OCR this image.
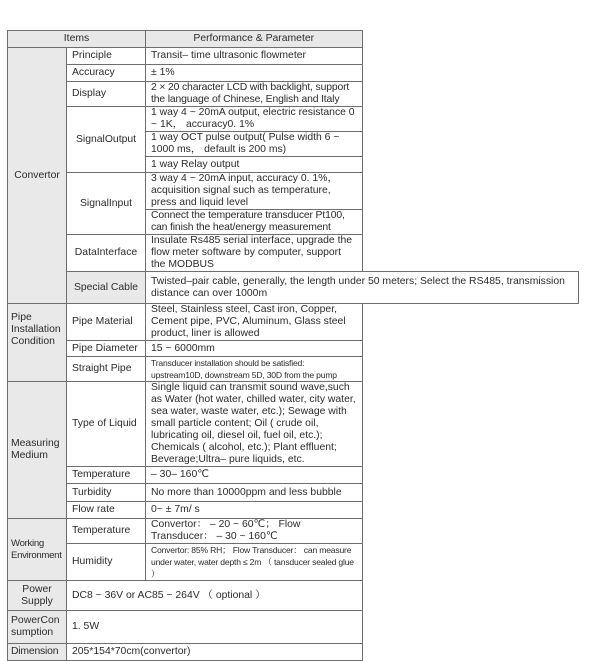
Items		Performance & Parameter
Convertor	Principle	Transit– time ultrasonic flowmeter
	Accuracy	± 1%
	Display	2 × 20 character LCD with backlight, support the language of Chinese, English and Italy
	SignalOutput	1 way 4 ~ 20mA output, electric resistance 0 ~ 1K， accuracy0. 1%
		1 way OCT pulse output( Pulse width 6 ~ 1000 ms， default is 200 ms)
		1 way Relay output
	SignalInput	3 way 4 ~ 20mA input, accuracy 0. 1%， acquisition signal such as temperature, press and liquid level
		Connect the temperature transducer Pt100, can finish the heat/energy measurement
	DataInterface	Insulate Rs485 serial interface, upgrade the flow meter software by computer, support the MODBUS
	Special Cable	Twisted–pair cable, generally, the length under 50 meters; Select the RS485, transmission distance can over 1000m
Pipe Installation Condition	Pipe Material	Steel, Stainless steel, Cast iron, Copper, Cement pipe, PVC, Aluminum, Glass steel product, liner is allowed
	Pipe Diameter	15 ~ 6000mm
	Straight Pipe	Transducer installation should be satisfied: upstream10D, downstream 5D, 30D from the pump
Measuring Medium	Type of Liquid	Single liquid can transmit sound wave,such as Water (hot water, chilled water, city water, sea water, waste water, etc.); Sewage with small particle content; Oil ( crude oil, lubricating oil, diesel oil, fuel oil, etc.); Chemicals ( alcohol, etc.); Plant effluent; Beverage;Ultra– pure liquids, etc.
	Temperature	– 30– 160℃
	Turbidity	No more than 10000ppm and less bubble
	Flow rate	0~ ± 7m/ s
Working Environment	Temperature	Convertor： – 20 ~ 60℃； Flow Transducer： – 30 ~ 160℃
	Humidity	Convertor: 85% RH； Flow Transducer： can measure under water, water depth ≤ 2m （ tansducer sealed glue ）
Power Supply	DC8 ~ 36V or AC85 ~ 264V （ optional ）	
PowerCon sumption	1. 5W	
Dimension	205*154*70cm(convertor)	
